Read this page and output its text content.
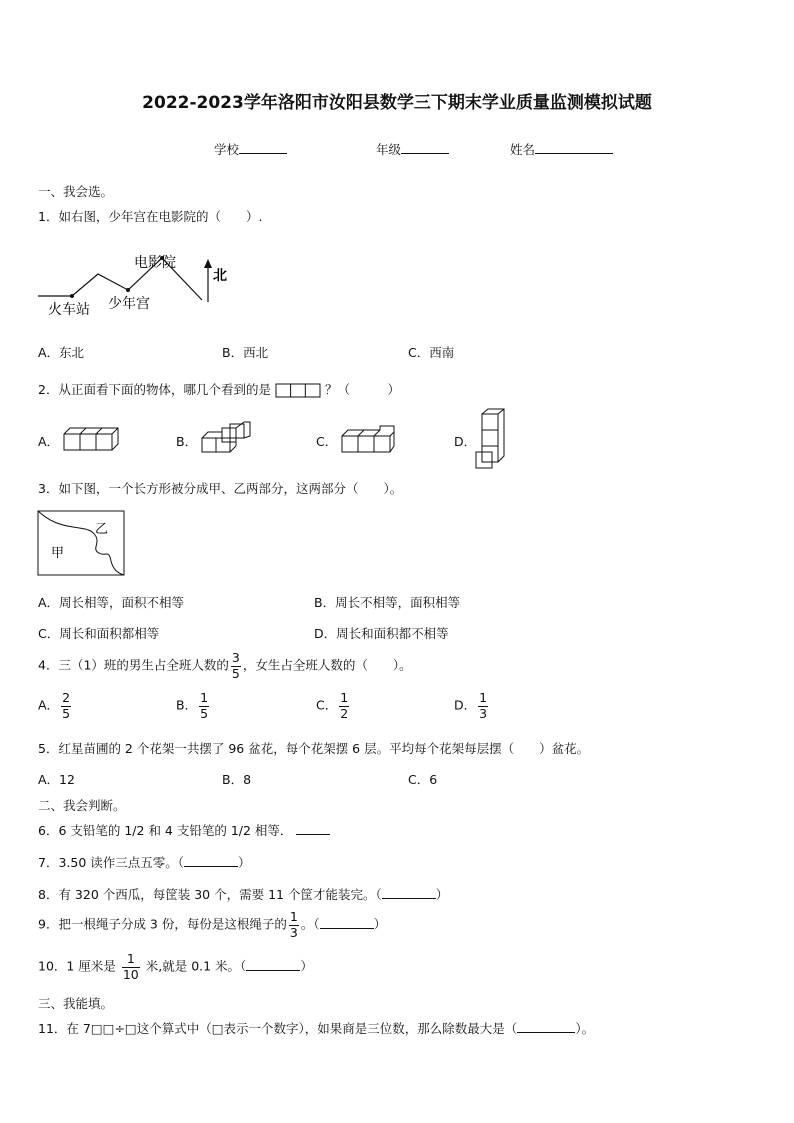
2022-2023学年洛阳市汝阳县数学三下期末学业质量监测模拟试题
学校	年级	姓名
一、我会选。
1．如右图，少年宫在电影院的（　　）.
电影院
北
火车站 少年宫
A．东北	B．西北	C．西南
2．从正面看下面的物体，哪几个看到的是	？（　　　）
A．	B．	C．	D．
3．如下图，一个长方形被分成甲、乙两部分，这两部分（　　）。
甲
乙
A．周长相等，面积不相等	B．周长不相等，面积相等
C．周长和面积都相等	D．周长和面积都不相等
4．三（1）班的男生占全班人数的 $\frac{3}{5}$ ，女生占全班人数的（　　）。
A． $\frac{2}{5}$	B． $\frac{1}{5}$	C． $\frac{1}{2}$	D． $\frac{1}{3}$
5．红星苗圃的 2 个花架一共摆了 96 盆花，每个花架摆 6 层。平均每个花架每层摆（　　）盆花。
A．12	B．8	C．6
二、我会判断。
6．6 支铅笔的 1/2 和 4 支铅笔的 1/2 相等．
7．3.50 读作三点五零。（	）
8．有 320 个西瓜，每筐装 30 个，需要 11 个筐才能装完。（	）
9．把一根绳子分成 3 份，每份是这根绳子的 $\frac{1}{3}$ 。（	）
10．1 厘米是 $\frac{1}{10}$ 米,就是 0.1 米。（	）
三、我能填。
11．在 7□□÷□这个算式中（□表示一个数字），如果商是三位数，那么除数最大是（	）。
